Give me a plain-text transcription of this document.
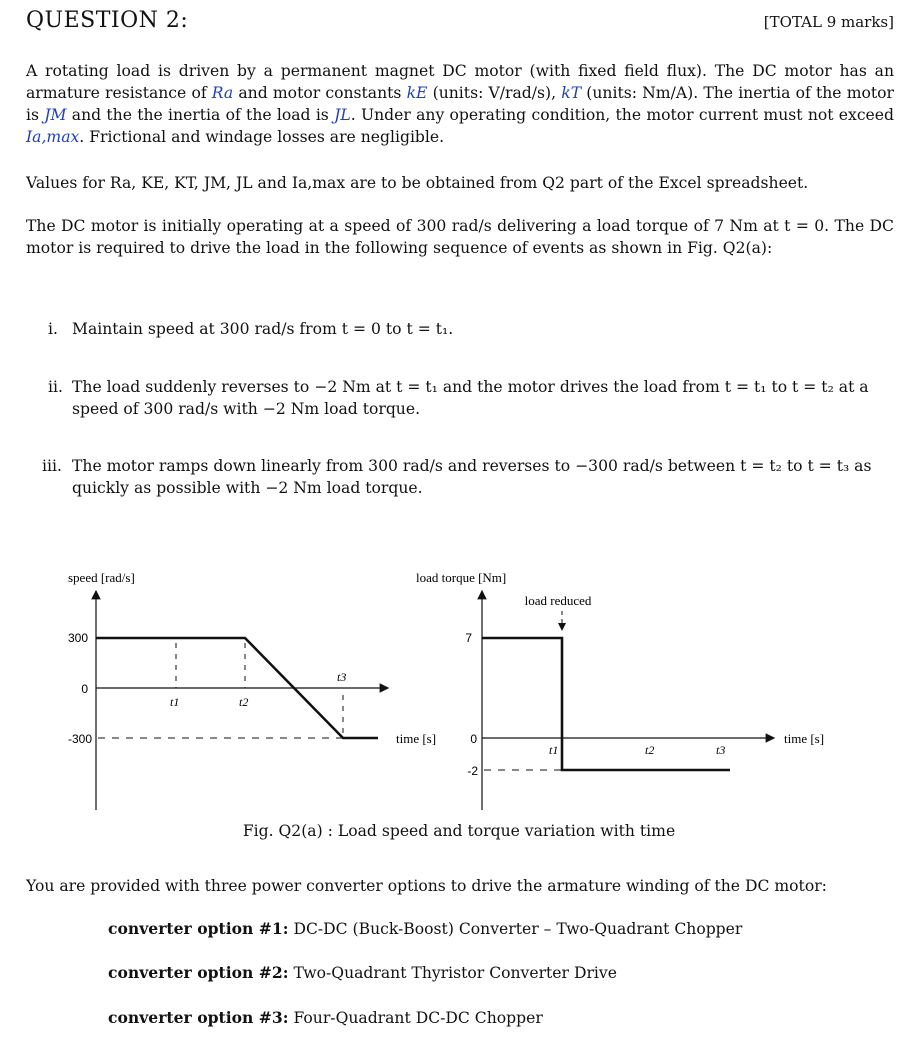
QUESTION 2:	[TOTAL 9 marks]
A rotating load is driven by a permanent magnet DC motor (with fixed field flux). The DC motor has an armature resistance of Ra and motor constants kE (units: V/rad/s), kT (units: Nm/A). The inertia of the motor is JM and the the inertia of the load is JL. Under any operating condition, the motor current must not exceed Ia,max. Frictional and windage losses are negligible.
Values for Ra, KE, KT, JM, JL and Ia,max are to be obtained from Q2 part of the Excel spreadsheet.
The DC motor is initially operating at a speed of 300 rad/s delivering a load torque of 7 Nm at t = 0. The DC motor is required to drive the load in the following sequence of events as shown in Fig. Q2(a):
i. Maintain speed at 300 rad/s from t = 0 to t = t₁.
ii. The load suddenly reverses to −2 Nm at t = t₁ and the motor drives the load from t = t₁ to t = t₂ at a speed of 300 rad/s with −2 Nm load torque.
iii. The motor ramps down linearly from 300 rad/s and reverses to −300 rad/s between t = t₂ to t = t₃ as quickly as possible with −2 Nm load torque.
speed [rad/s]
300
0
-300
t1	t2
t3
time [s]
load torque [Nm]
7
0
-2
load reduced
t1	t2	t3
time [s]
Fig. Q2(a) : Load speed and torque variation with time
You are provided with three power converter options to drive the armature winding of the DC motor:
converter option #1: DC-DC (Buck-Boost) Converter – Two-Quadrant Chopper
converter option #2: Two-Quadrant Thyristor Converter Drive
converter option #3: Four-Quadrant DC-DC Chopper
